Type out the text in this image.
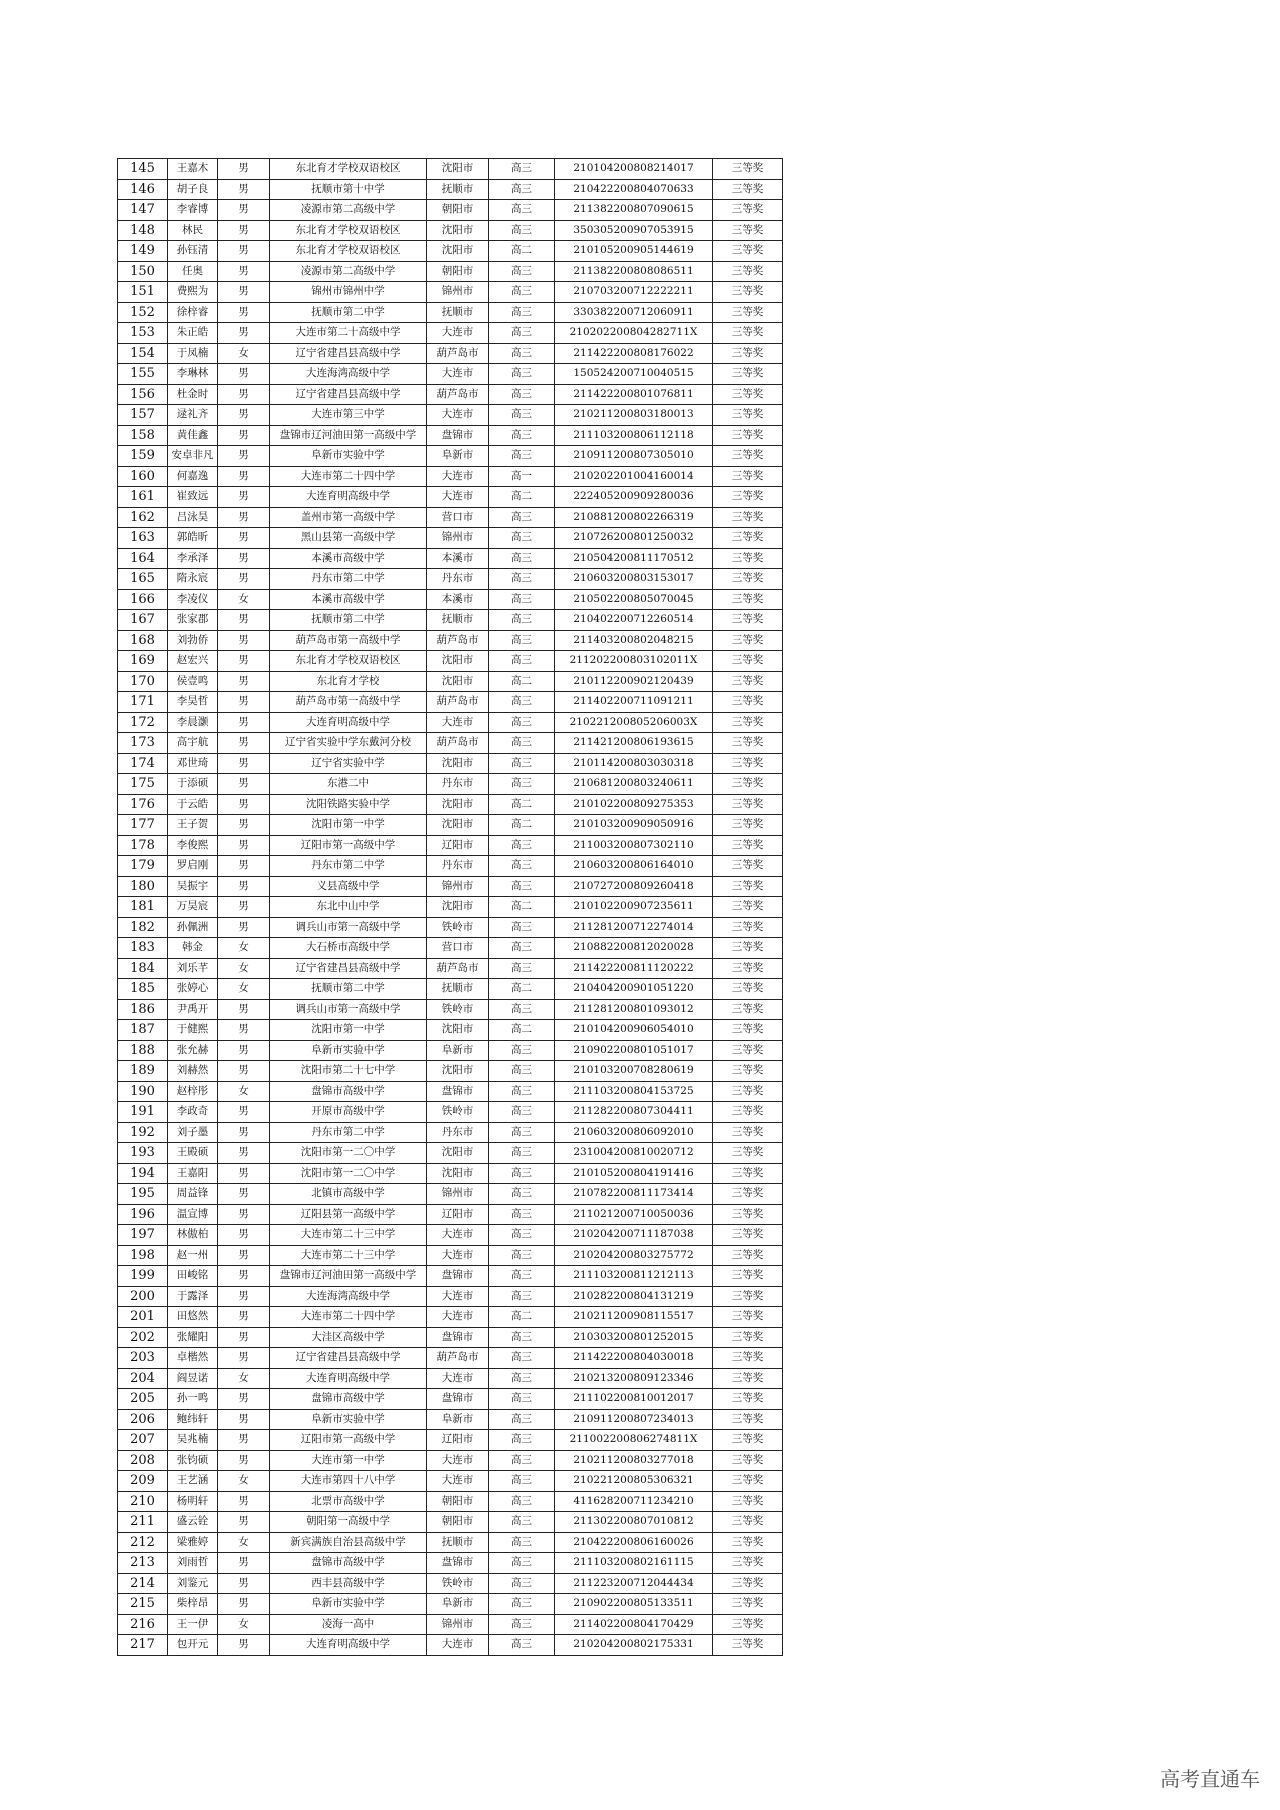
145	王嘉木	男	东北育才学校双语校区	沈阳市	高三	210104200808214017	三等奖
146	胡子良	男	抚顺市第十中学	抚顺市	高三	210422200804070633	三等奖
147	李睿博	男	凌源市第二高级中学	朝阳市	高三	211382200807090615	三等奖
148	林民	男	东北育才学校双语校区	沈阳市	高三	350305200907053915	三等奖
149	孙钰清	男	东北育才学校双语校区	沈阳市	高二	210105200905144619	三等奖
150	任奥	男	凌源市第二高级中学	朝阳市	高三	211382200808086511	三等奖
151	费熙为	男	锦州市锦州中学	锦州市	高三	210703200712222211	三等奖
152	徐梓睿	男	抚顺市第二中学	抚顺市	高三	330382200712060911	三等奖
153	朱正皓	男	大连市第二十高级中学	大连市	高三	210202200804282711X	三等奖
154	于凤楠	女	辽宁省建昌县高级中学	葫芦岛市	高三	211422200808176022	三等奖
155	李琳林	男	大连海湾高级中学	大连市	高三	150524200710040515	三等奖
156	杜金时	男	辽宁省建昌县高级中学	葫芦岛市	高三	211422200801076811	三等奖
157	逯礼齐	男	大连市第三中学	大连市	高三	210211200803180013	三等奖
158	黄佳鑫	男	盘锦市辽河油田第一高级中学	盘锦市	高三	211103200806112118	三等奖
159	安卓非凡	男	阜新市实验中学	阜新市	高三	210911200807305010	三等奖
160	何嘉逸	男	大连市第二十四中学	大连市	高一	210202201004160014	三等奖
161	崔致远	男	大连育明高级中学	大连市	高二	222405200909280036	三等奖
162	吕泳昊	男	盖州市第一高级中学	营口市	高三	210881200802266319	三等奖
163	郭皓昕	男	黑山县第一高级中学	锦州市	高三	210726200801250032	三等奖
164	李承泽	男	本溪市高级中学	本溪市	高三	210504200811170512	三等奖
165	隋永宸	男	丹东市第二中学	丹东市	高三	210603200803153017	三等奖
166	李凌仪	女	本溪市高级中学	本溪市	高三	210502200805070045	三等奖
167	张家郡	男	抚顺市第二中学	抚顺市	高三	210402200712260514	三等奖
168	刘勃侨	男	葫芦岛市第一高级中学	葫芦岛市	高三	211403200802048215	三等奖
169	赵宏兴	男	东北育才学校双语校区	沈阳市	高三	211202200803102011X	三等奖
170	侯壹鸣	男	东北育才学校	沈阳市	高二	210112200902120439	三等奖
171	李昊哲	男	葫芦岛市第一高级中学	葫芦岛市	高三	211402200711091211	三等奖
172	李晨灏	男	大连育明高级中学	大连市	高三	210221200805206003X	三等奖
173	高宇航	男	辽宁省实验中学东戴河分校	葫芦岛市	高三	211421200806193615	三等奖
174	邓世琦	男	辽宁省实验中学	沈阳市	高三	210114200803030318	三等奖
175	于添硕	男	东港二中	丹东市	高三	210681200803240611	三等奖
176	于云皓	男	沈阳铁路实验中学	沈阳市	高二	210102200809275353	三等奖
177	王子贺	男	沈阳市第一中学	沈阳市	高二	210103200909050916	三等奖
178	李俊熙	男	辽阳市第一高级中学	辽阳市	高三	211003200807302110	三等奖
179	罗启刚	男	丹东市第二中学	丹东市	高三	210603200806164010	三等奖
180	吴振宇	男	义县高级中学	锦州市	高三	210727200809260418	三等奖
181	万昊宸	男	东北中山中学	沈阳市	高二	210102200907235611	三等奖
182	孙佩洲	男	调兵山市第一高级中学	铁岭市	高三	211281200712274014	三等奖
183	韩金	女	大石桥市高级中学	营口市	高三	210882200812020028	三等奖
184	刘乐芊	女	辽宁省建昌县高级中学	葫芦岛市	高三	211422200811120222	三等奖
185	张婷心	女	抚顺市第二中学	抚顺市	高二	210404200901051220	三等奖
186	尹禹开	男	调兵山市第一高级中学	铁岭市	高三	211281200801093012	三等奖
187	于健熙	男	沈阳市第一中学	沈阳市	高二	210104200906054010	三等奖
188	张允赫	男	阜新市实验中学	阜新市	高三	210902200801051017	三等奖
189	刘赫然	男	沈阳市第二十七中学	沈阳市	高三	210103200708280619	三等奖
190	赵梓彤	女	盘锦市高级中学	盘锦市	高三	211103200804153725	三等奖
191	李政奇	男	开原市高级中学	铁岭市	高三	211282200807304411	三等奖
192	刘子墨	男	丹东市第二中学	丹东市	高三	210603200806092010	三等奖
193	王殿硕	男	沈阳市第一二〇中学	沈阳市	高三	231004200810020712	三等奖
194	王嘉阳	男	沈阳市第一二〇中学	沈阳市	高三	210105200804191416	三等奖
195	周益锋	男	北镇市高级中学	锦州市	高三	210782200811173414	三等奖
196	温宣博	男	辽阳县第一高级中学	辽阳市	高三	211021200710050036	三等奖
197	林傲柏	男	大连市第二十三中学	大连市	高三	210204200711187038	三等奖
198	赵一州	男	大连市第二十三中学	大连市	高三	210204200803275772	三等奖
199	田峻铭	男	盘锦市辽河油田第一高级中学	盘锦市	高三	211103200811212113	三等奖
200	于露泽	男	大连海湾高级中学	大连市	高三	210282200804131219	三等奖
201	田悠然	男	大连市第二十四中学	大连市	高二	210211200908115517	三等奖
202	张耀阳	男	大洼区高级中学	盘锦市	高三	210303200801252015	三等奖
203	卓楷然	男	辽宁省建昌县高级中学	葫芦岛市	高三	211422200804030018	三等奖
204	阎昱诺	女	大连育明高级中学	大连市	高三	210213200809123346	三等奖
205	孙一鸣	男	盘锦市高级中学	盘锦市	高三	211102200810012017	三等奖
206	鲍纬轩	男	阜新市实验中学	阜新市	高三	210911200807234013	三等奖
207	吴兆楠	男	辽阳市第一高级中学	辽阳市	高三	211002200806274811X	三等奖
208	张钧硕	男	大连市第一中学	大连市	高三	210211200803277018	三等奖
209	王艺涵	女	大连市第四十八中学	大连市	高三	210221200805306321	三等奖
210	杨明轩	男	北票市高级中学	朝阳市	高三	411628200711234210	三等奖
211	盛云铨	男	朝阳第一高级中学	朝阳市	高三	211302200807010812	三等奖
212	梁雅婷	女	新宾满族自治县高级中学	抚顺市	高三	210422200806160026	三等奖
213	刘雨哲	男	盘锦市高级中学	盘锦市	高三	211103200802161115	三等奖
214	刘鉴元	男	西丰县高级中学	铁岭市	高三	211223200712044434	三等奖
215	柴梓昂	男	阜新市实验中学	阜新市	高三	210902200805133511	三等奖
216	王一伊	女	凌海一高中	锦州市	高三	211402200804170429	三等奖
217	包开元	男	大连育明高级中学	大连市	高三	210204200802175331	三等奖
高考直通车
